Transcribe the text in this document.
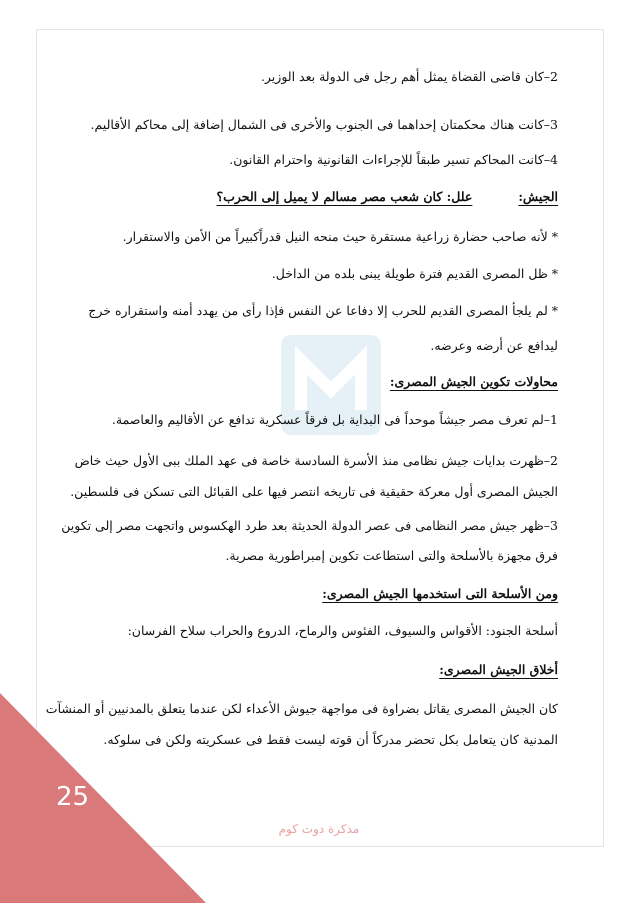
25
2–كان قاضى القضاة يمثل أهم رجل فى الدولة بعد الوزير.
3–كانت هناك محكمتان إحداهما فى الجنوب والأخرى فى الشمال إضافة إلى محاكم الأقاليم.
4–كانت المحاكم تسير طبقاً للإجراءات القانونية واحترام القانون.
الجيش:  علل: كان شعب مصر مسالم لا يميل إلى الحرب؟
* لأنه صاحب حضارة زراعية مستقرة حيث منحه النيل قدراًكبيراً من الأمن والاستقرار.
* ظل المصرى القديم فترة طويلة يبنى بلده من الداخل.
* لم يلجأ المصرى القديم للحرب إلا دفاعا عن النفس فإذا رأى من يهدد أمنه واستقراره خرج
ليدافع عن أرضه وعرضه.
محاولات تكوين الجيش المصرى:
1–لم تعرف مصر جيشاً موحداً فى البداية بل فرقاً عسكرية تدافع عن الأقاليم والعاصمة.
2–ظهرت بدايات جيش نظامى منذ الأسرة السادسة خاصة فى عهد الملك ببى الأول حيث خاض
الجيش المصرى أول معركة حقيقية فى تاريخه انتصر فيها على القبائل التى تسكن فى فلسطين.
3–ظهر جيش مصر النظامى فى عصر الدولة الحديثة بعد طرد الهكسوس واتجهت مصر إلى تكوين
فرق مجهزة بالأسلحة والتى استطاعت تكوين إمبراطورية مصرية.
ومن الأسلحة التى استخدمها الجيش المصرى:
أسلحة الجنود: الأقواس والسيوف، الفئوس والرماح، الدروع والحراب سلاح الفرسان:
أخلاق الجيش المصرى:
كان الجيش المصرى يقاتل بضراوة فى مواجهة جيوش الأعداء لكن عندما يتعلق بالمدنيين أو المنشآت
المدنية كان يتعامل بكل تحضر مدركاً أن قوته ليست فقط فى عسكريته ولكن فى سلوكه.
مذكرة دوت كوم
